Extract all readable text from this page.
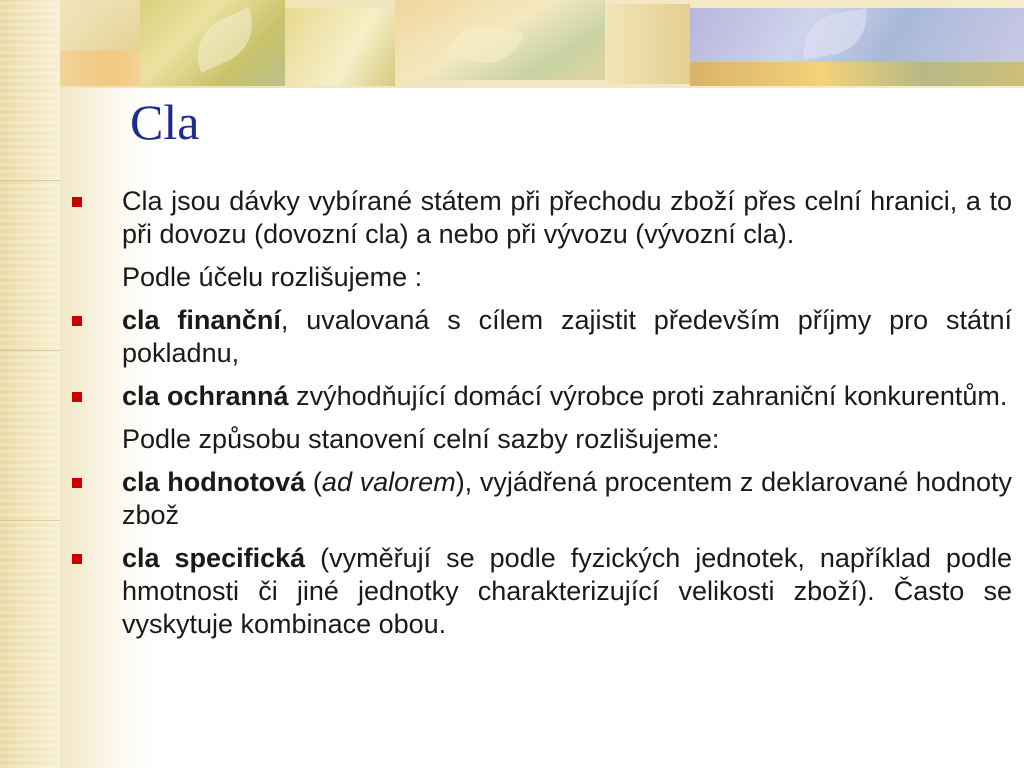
Cla
Cla jsou dávky vybírané státem při přechodu zboží přes celní hranici, a to při dovozu (dovozní cla) a nebo při vývozu (vývozní cla).
Podle účelu rozlišujeme :
cla finanční, uvalovaná s cílem zajistit především příjmy pro státní pokladnu,
cla ochranná zvýhodňující domácí výrobce proti zahraniční konkurentům.
Podle způsobu stanovení celní sazby rozlišujeme:
cla hodnotová (ad valorem), vyjádřená procentem z deklarované hodnoty zbož
cla specifická (vyměřují se podle fyzických jednotek, například podle hmotnosti či jiné jednotky charakterizující velikosti zboží). Často se vyskytuje kombinace obou.
